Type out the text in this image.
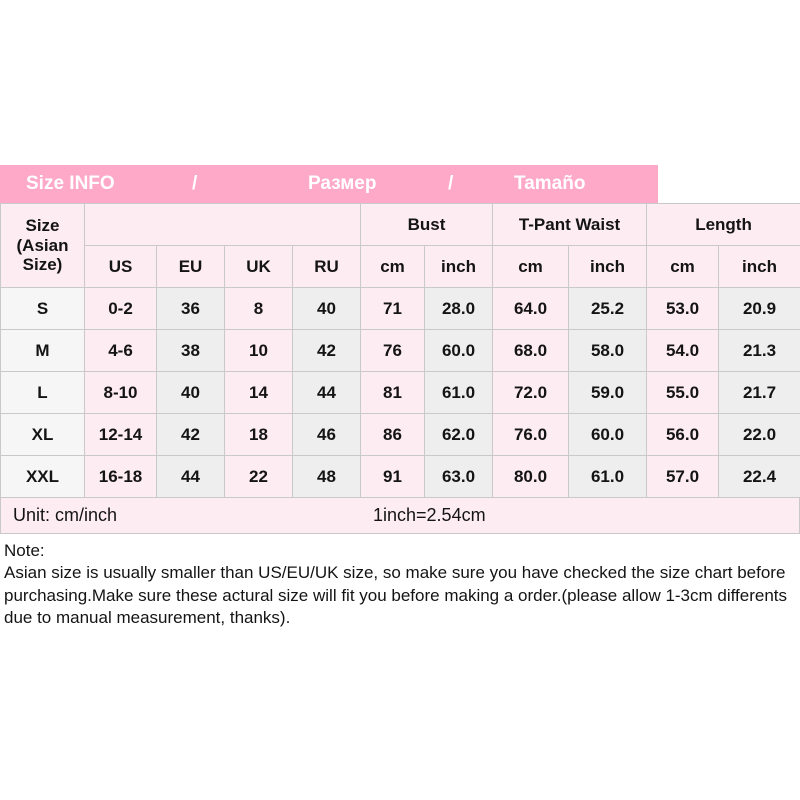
Size INFO	/	Размер	/	Tamaño
Size
(Asian
Size)					Bust		T-Pant Waist		Length	
	US	EU	UK	RU	cm	inch	cm	inch	cm	inch
S	0-2	36	8	40	71	28.0	64.0	25.2	53.0	20.9
M	4-6	38	10	42	76	60.0	68.0	58.0	54.0	21.3
L	8-10	40	14	44	81	61.0	72.0	59.0	55.0	21.7
XL	12-14	42	18	46	86	62.0	76.0	60.0	56.0	22.0
XXL	16-18	44	22	48	91	63.0	80.0	61.0	57.0	22.4
Unit: cm/inch	1inch=2.54cm
Note:
Asian size is usually smaller than US/EU/UK size, so make sure you have checked the size chart before purchasing.Make sure these actural size will fit you before making a order.(please allow 1-3cm differents due to manual measurement, thanks).
